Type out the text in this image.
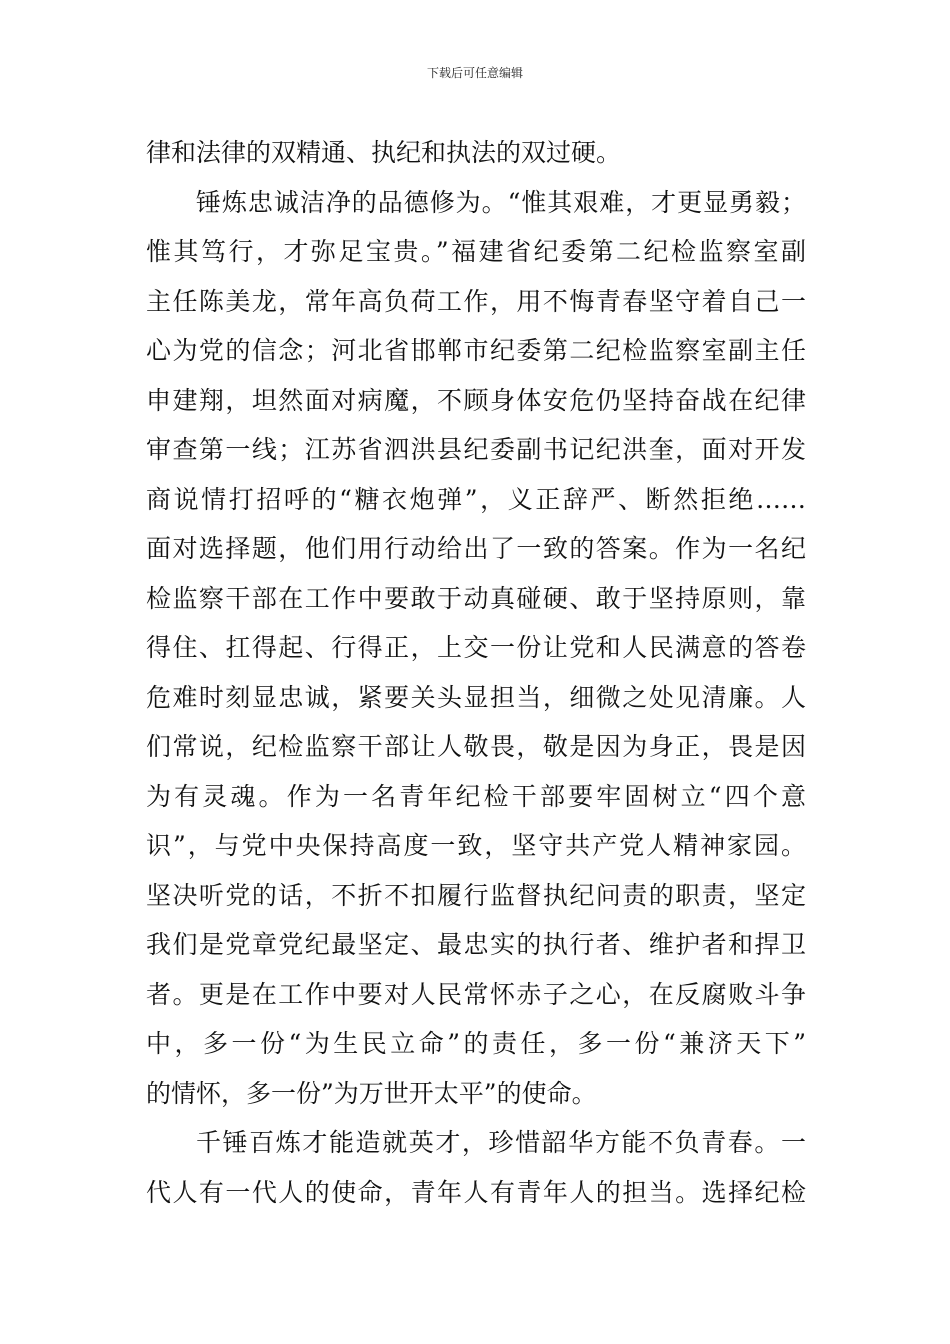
下载后可任意编辑
律和法律的双精通、执纪和执法的双过硬。
锤炼忠诚洁净的品德修为。“惟其艰难，才更显勇毅；
惟其笃行，才弥足宝贵。”福建省纪委第二纪检监察室副
主任陈美龙，常年高负荷工作，用不悔青春坚守着自己一
心为党的信念；河北省邯郸市纪委第二纪检监察室副主任
申建翔，坦然面对病魔，不顾身体安危仍坚持奋战在纪律
审查第一线；江苏省泗洪县纪委副书记纪洪奎，面对开发
商说情打招呼的“糖衣炮弹”，义正辞严、断然拒绝……
面对选择题，他们用行动给出了一致的答案。作为一名纪
检监察干部在工作中要敢于动真碰硬、敢于坚持原则，靠
得住、扛得起、行得正，上交一份让党和人民满意的答卷
危难时刻显忠诚，紧要关头显担当，细微之处见清廉。人
们常说，纪检监察干部让人敬畏，敬是因为身正，畏是因
为有灵魂。作为一名青年纪检干部要牢固树立“四个意
识”，与党中央保持高度一致，坚守共产党人精神家园。
坚决听党的话，不折不扣履行监督执纪问责的职责，坚定
我们是党章党纪最坚定、最忠实的执行者、维护者和捍卫
者。更是在工作中要对人民常怀赤子之心，在反腐败斗争
中，多一份“为生民立命”的责任，多一份“兼济天下”
的情怀，多一份”为万世开太平”的使命。
千锤百炼才能造就英才，珍惜韶华方能不负青春。一
代人有一代人的使命，青年人有青年人的担当。选择纪检
